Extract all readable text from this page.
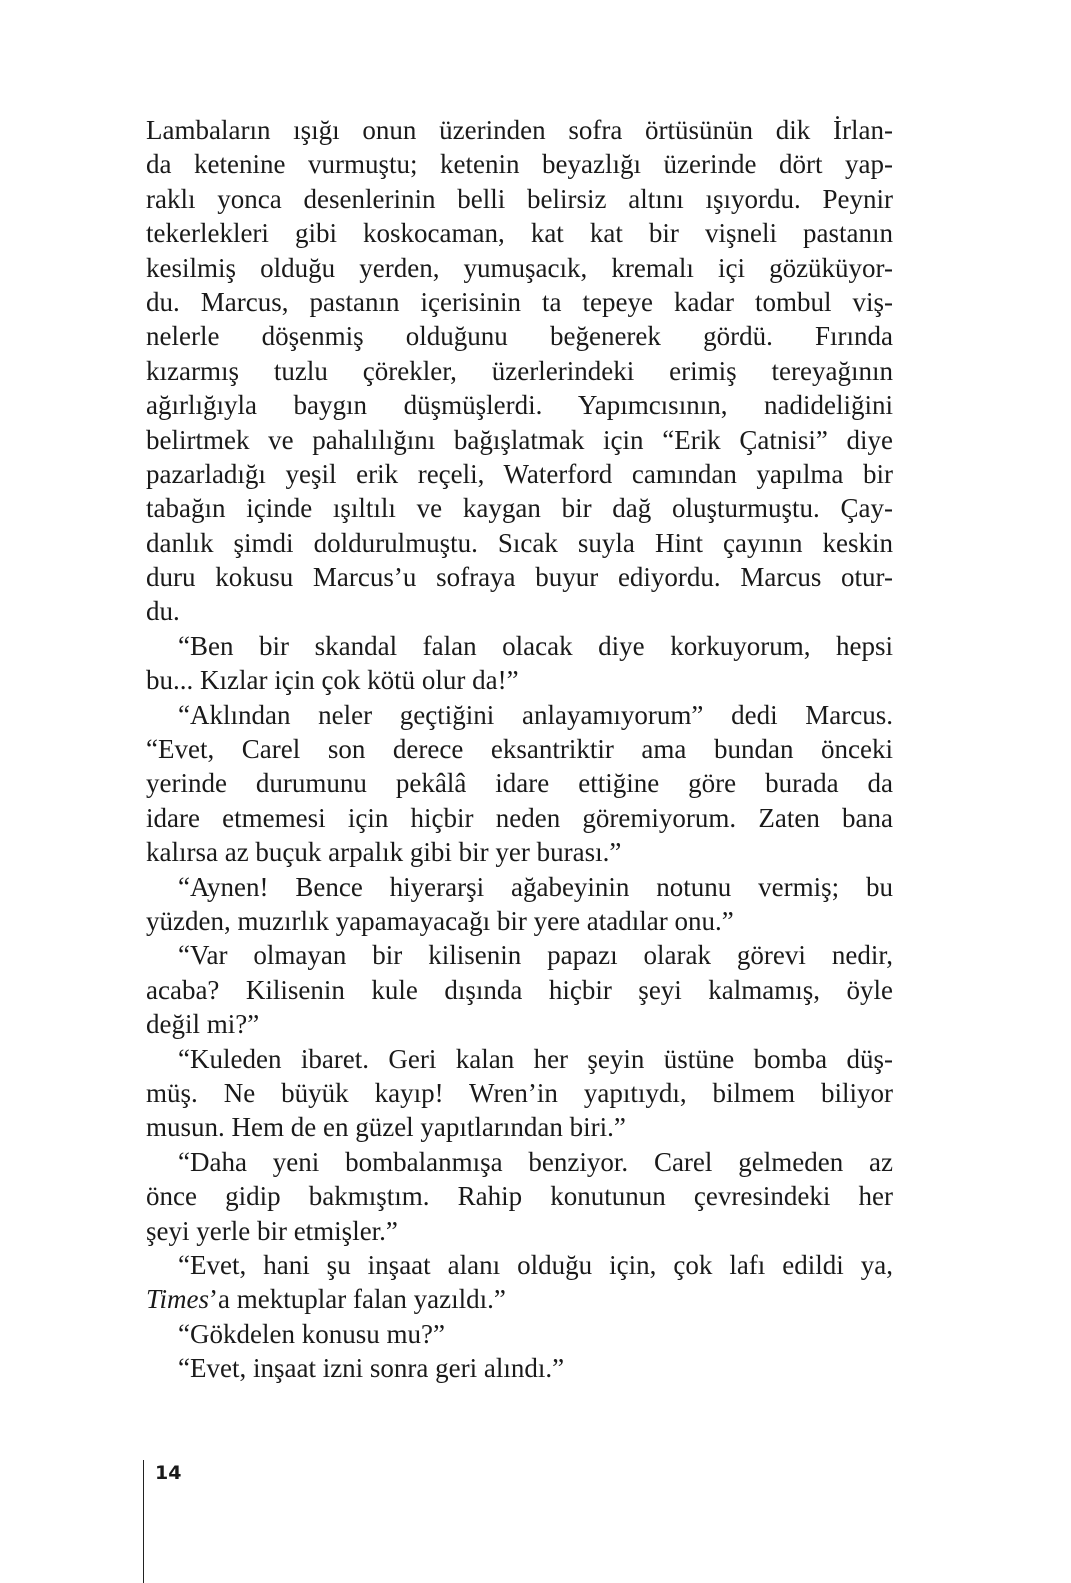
Lambaların ışığı onun üzerinden sofra örtüsünün dik İrlan-
da ketenine vurmuştu; ketenin beyazlığı üzerinde dört yap-
raklı yonca desenlerinin belli belirsiz altını ışıyordu. Peynir
tekerlekleri gibi koskocaman, kat kat bir vişneli pastanın
kesilmiş olduğu yerden, yumuşacık, kremalı içi gözüküyor-
du. Marcus, pastanın içerisinin ta tepeye kadar tombul viş-
nelerle döşenmiş olduğunu beğenerek gördü. Fırında
kızarmış tuzlu çörekler, üzerlerindeki erimiş tereyağının
ağırlığıyla baygın düşmüşlerdi. Yapımcısının, nadideliğini
belirtmek ve pahalılığını bağışlatmak için “Erik Çatnisi” diye
pazarladığı yeşil erik reçeli, Waterford camından yapılma bir
tabağın içinde ışıltılı ve kaygan bir dağ oluşturmuştu. Çay-
danlık şimdi doldurulmuştu. Sıcak suyla Hint çayının keskin
duru kokusu Marcus’u sofraya buyur ediyordu. Marcus otur-
du.
“Ben bir skandal falan olacak diye korkuyorum, hepsi
bu... Kızlar için çok kötü olur da!”
“Aklından neler geçtiğini anlayamıyorum” dedi Marcus.
“Evet, Carel son derece eksantriktir ama bundan önceki
yerinde durumunu pekâlâ idare ettiğine göre burada da
idare etmemesi için hiçbir neden göremiyorum. Zaten bana
kalırsa az buçuk arpalık gibi bir yer burası.”
“Aynen! Bence hiyerarşi ağabeyinin notunu vermiş; bu
yüzden, muzırlık yapamayacağı bir yere atadılar onu.”
“Var olmayan bir kilisenin papazı olarak görevi nedir,
acaba? Kilisenin kule dışında hiçbir şeyi kalmamış, öyle
değil mi?”
“Kuleden ibaret. Geri kalan her şeyin üstüne bomba düş-
müş. Ne büyük kayıp! Wren’in yapıtıydı, bilmem biliyor
musun. Hem de en güzel yapıtlarından biri.”
“Daha yeni bombalanmışa benziyor. Carel gelmeden az
önce gidip bakmıştım. Rahip konutunun çevresindeki her
şeyi yerle bir etmişler.”
“Evet, hani şu inşaat alanı olduğu için, çok lafı edildi ya,
Times’a mektuplar falan yazıldı.”
“Gökdelen konusu mu?”
“Evet, inşaat izni sonra geri alındı.”
14
